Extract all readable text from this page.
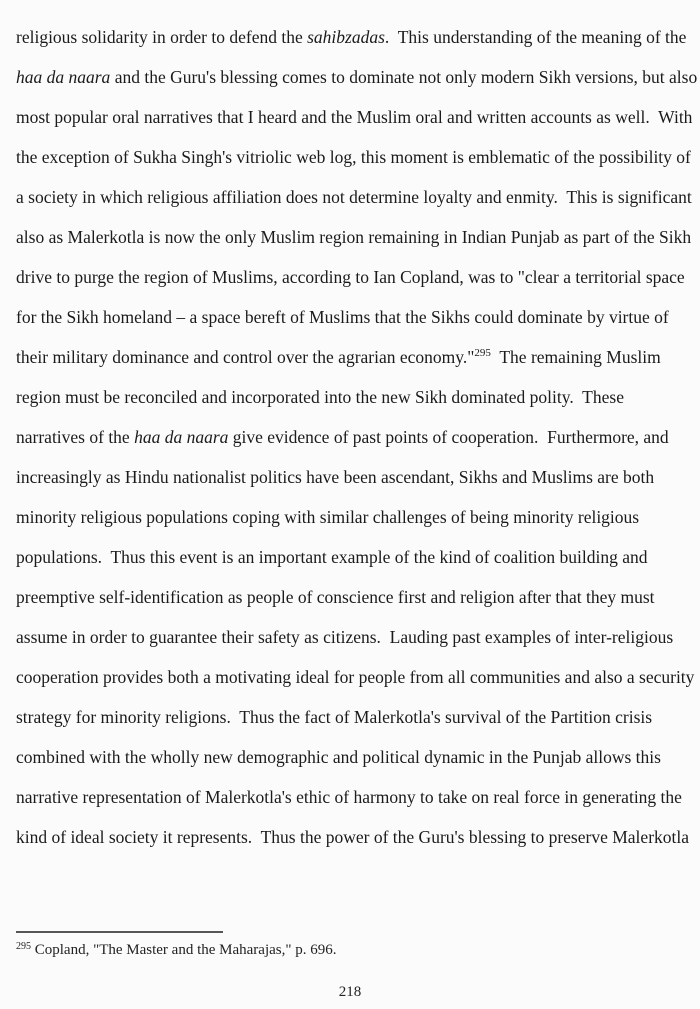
religious solidarity in order to defend the sahibzadas.  This understanding of the meaning of the
haa da naara and the Guru's blessing comes to dominate not only modern Sikh versions, but also
most popular oral narratives that I heard and the Muslim oral and written accounts as well.  With
the exception of Sukha Singh's vitriolic web log, this moment is emblematic of the possibility of
a society in which religious affiliation does not determine loyalty and enmity.  This is significant
also as Malerkotla is now the only Muslim region remaining in Indian Punjab as part of the Sikh
drive to purge the region of Muslims, according to Ian Copland, was to "clear a territorial space
for the Sikh homeland – a space bereft of Muslims that the Sikhs could dominate by virtue of
their military dominance and control over the agrarian economy."$^{295}$  The remaining Muslim
region must be reconciled and incorporated into the new Sikh dominated polity.  These
narratives of the haa da naara give evidence of past points of cooperation.  Furthermore, and
increasingly as Hindu nationalist politics have been ascendant, Sikhs and Muslims are both
minority religious populations coping with similar challenges of being minority religious
populations.  Thus this event is an important example of the kind of coalition building and
preemptive self-identification as people of conscience first and religion after that they must
assume in order to guarantee their safety as citizens.  Lauding past examples of inter-religious
cooperation provides both a motivating ideal for people from all communities and also a security
strategy for minority religions.  Thus the fact of Malerkotla's survival of the Partition crisis
combined with the wholly new demographic and political dynamic in the Punjab allows this
narrative representation of Malerkotla's ethic of harmony to take on real force in generating the
kind of ideal society it represents.  Thus the power of the Guru's blessing to preserve Malerkotla
$^{295}$ Copland, "The Master and the Maharajas," p. 696.
218
